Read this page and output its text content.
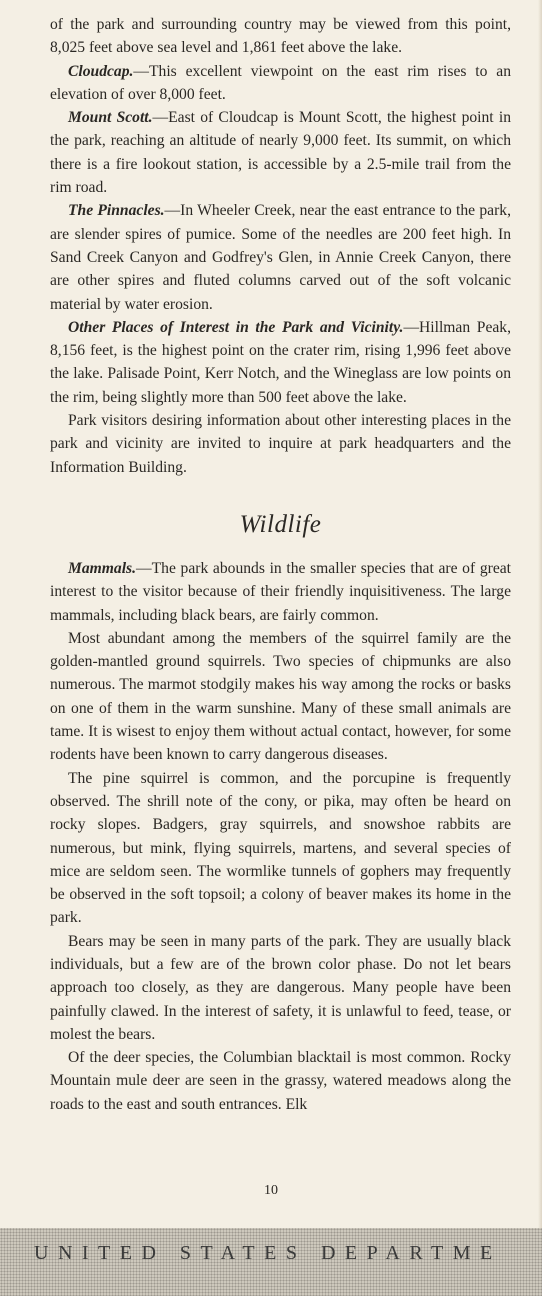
of the park and surrounding country may be viewed from this point, 8,025 feet above sea level and 1,861 feet above the lake.

Cloudcap.—This excellent viewpoint on the east rim rises to an elevation of over 8,000 feet.

Mount Scott.—East of Cloudcap is Mount Scott, the highest point in the park, reaching an altitude of nearly 9,000 feet. Its summit, on which there is a fire lookout station, is accessible by a 2.5-mile trail from the rim road.

The Pinnacles.—In Wheeler Creek, near the east entrance to the park, are slender spires of pumice. Some of the needles are 200 feet high. In Sand Creek Canyon and Godfrey's Glen, in Annie Creek Canyon, there are other spires and fluted columns carved out of the soft volcanic material by water erosion.

Other Places of Interest in the Park and Vicinity.—Hillman Peak, 8,156 feet, is the highest point on the crater rim, rising 1,996 feet above the lake. Palisade Point, Kerr Notch, and the Wineglass are low points on the rim, being slightly more than 500 feet above the lake.

Park visitors desiring information about other interesting places in the park and vicinity are invited to inquire at park headquarters and the Information Building.

Wildlife

Mammals.—The park abounds in the smaller species that are of great interest to the visitor because of their friendly inquisitiveness. The large mammals, including black bears, are fairly common.

Most abundant among the members of the squirrel family are the golden-mantled ground squirrels. Two species of chipmunks are also numerous. The marmot stodgily makes his way among the rocks or basks on one of them in the warm sunshine. Many of these small animals are tame. It is wisest to enjoy them without actual contact, however, for some rodents have been known to carry dangerous diseases.

The pine squirrel is common, and the porcupine is frequently observed. The shrill note of the cony, or pika, may often be heard on rocky slopes. Badgers, gray squirrels, and snowshoe rabbits are numerous, but mink, flying squirrels, martens, and several species of mice are seldom seen. The wormlike tunnels of gophers may frequently be observed in the soft topsoil; a colony of beaver makes its home in the park.

Bears may be seen in many parts of the park. They are usually black individuals, but a few are of the brown color phase. Do not let bears approach too closely, as they are dangerous. Many people have been painfully clawed. In the interest of safety, it is unlawful to feed, tease, or molest the bears.

Of the deer species, the Columbian blacktail is most common. Rocky Mountain mule deer are seen in the grassy, watered meadows along the roads to the east and south entrances. Elk

10
UNITED STATES DEPARTME
